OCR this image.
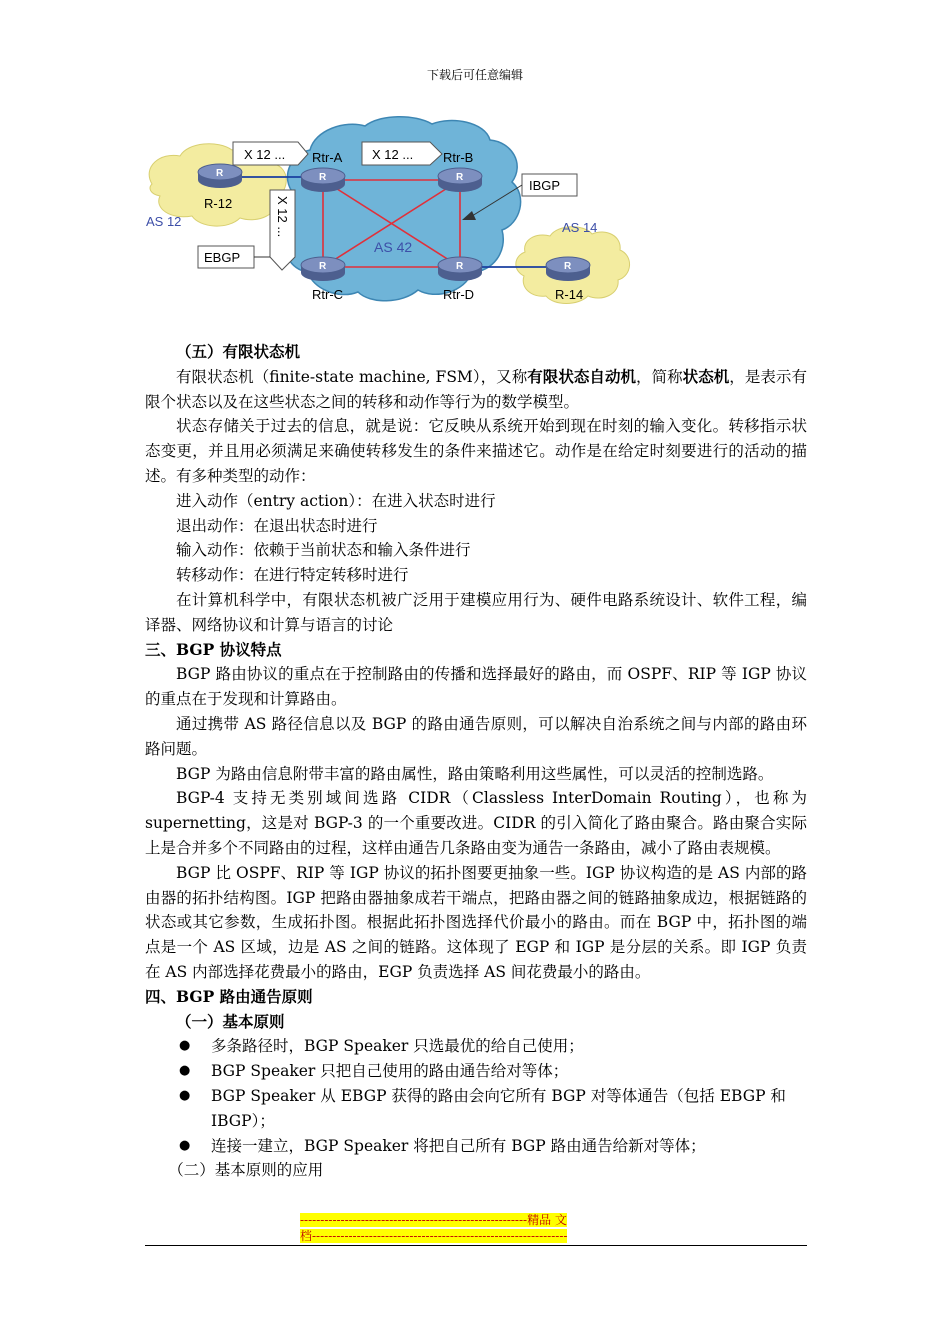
下载后可任意编辑
X 12 ...	X 12 ...
X 12 ...
IBGP
EBGP
R	R	R
R	R	R
R-12
AS 12
Rtr-A	Rtr-B
Rtr-C	Rtr-D
AS 42
AS 14
R-14

（五）有限状态机

有限状态机（finite-state machine, FSM），又称有限状态自动机，简称状态机，是表示有限个状态以及在这些状态之间的转移和动作等行为的数学模型。

状态存储关于过去的信息，就是说：它反映从系统开始到现在时刻的输入变化。转移指示状态变更，并且用必须满足来确使转移发生的条件来描述它。动作是在给定时刻要进行的活动的描述。有多种类型的动作：

进入动作（entry action）：在进入状态时进行

退出动作：在退出状态时进行

输入动作：依赖于当前状态和输入条件进行

转移动作：在进行特定转移时进行

在计算机科学中，有限状态机被广泛用于建模应用行为、硬件电路系统设计、软件工程，编译器、网络协议和计算与语言的讨论

三、BGP 协议特点

BGP 路由协议的重点在于控制路由的传播和选择最好的路由，而 OSPF、RIP 等 IGP 协议的重点在于发现和计算路由。

通过携带 AS 路径信息以及 BGP 的路由通告原则，可以解决自治系统之间与内部的路由环路问题。

BGP 为路由信息附带丰富的路由属性，路由策略利用这些属性，可以灵活的控制选路。

BGP-4 支持无类别域间选路 CIDR（Classless InterDomain Routing），也称为 supernetting，这是对 BGP-3 的一个重要改进。CIDR 的引入简化了路由聚合。路由聚合实际上是合并多个不同路由的过程，这样由通告几条路由变为通告一条路由，减小了路由表规模。

BGP 比 OSPF、RIP 等 IGP 协议的拓扑图要更抽象一些。IGP 协议构造的是 AS 内部的路由器的拓扑结构图。IGP 把路由器抽象成若干端点，把路由器之间的链路抽象成边，根据链路的状态或其它参数，生成拓扑图。根据此拓扑图选择代价最小的路由。而在 BGP 中，拓扑图的端点是一个 AS 区域，边是 AS 之间的链路。这体现了 EGP 和 IGP 是分层的关系。即 IGP 负责在 AS 内部选择花费最小的路由，EGP 负责选择 AS 间花费最小的路由。

四、BGP 路由通告原则

（一）基本原则

● 多条路径时，BGP Speaker 只选最优的给自己使用；
● BGP Speaker 只把自己使用的路由通告给对等体；
● BGP Speaker 从 EBGP 获得的路由会向它所有 BGP 对等体通告（包括 EBGP 和 IBGP）；
● 连接一建立，BGP Speaker 将把自己所有 BGP 路由通告给新对等体；

（二）基本原则的应用

--------------------------------------------------------精品 文
档---------------------------------------------------------------
